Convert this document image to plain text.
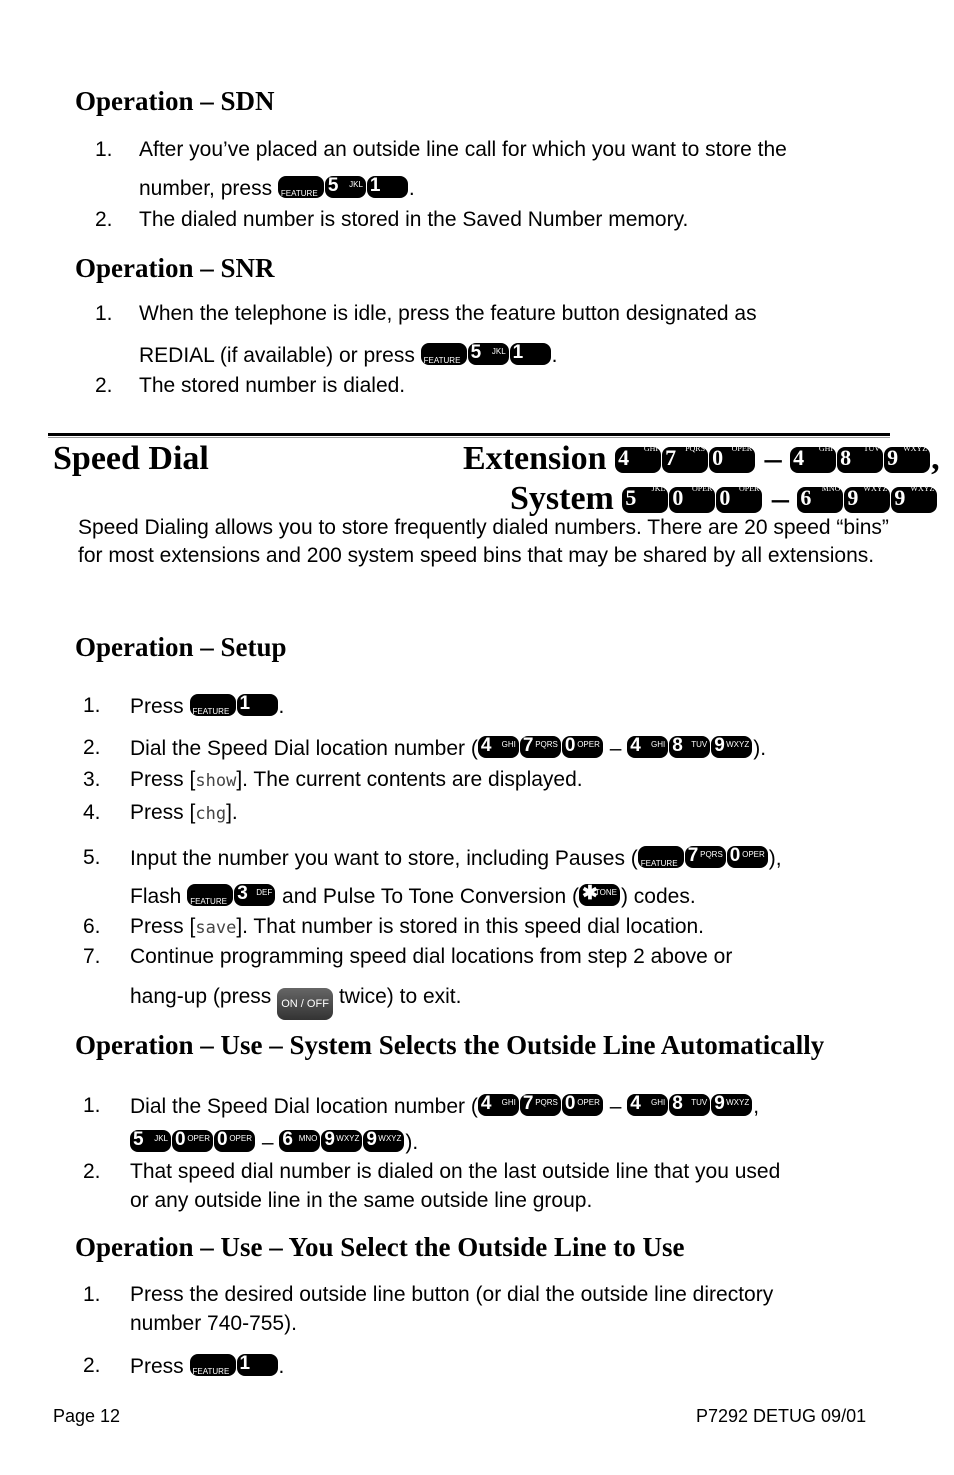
Operation – SDN
1. After you’ve placed an outside line call for which you want to store the
number, press FEATURE 5 JKL 1 .
2. The dialed number is stored in the Saved Number memory.
Operation – SNR
1. When the telephone is idle, press the feature button designated as
REDIAL (if available) or press FEATURE 5 JKL 1 .
2. The stored number is dialed.
Speed Dial	Extension 4 GHI 7 PQRS 0 OPER – 4 GHI 8 TUV 9 WXYZ ,
System 5 JKL 0 OPER 0 OPER – 6 MNO 9 WXYZ 9 WXYZ

Speed Dialing allows you to store frequently dialed numbers. There are 20 speed “bins” for most extensions and 200 system speed bins that may be shared by all extensions.

Operation – Setup
1. Press FEATURE 1 .
2. Dial the Speed Dial location number ( 4 GHI 7 PQRS 0 OPER – 4 GHI 8 TUV 9 WXYZ ).
3. Press [show]. The current contents are displayed.
4. Press [chg].
5. Input the number you want to store, including Pauses ( FEATURE 7 PQRS 0 OPER ),
Flash FEATURE 3 DEF and Pulse To Tone Conversion ( ✱
TONE ) codes.
6. Press [save]. That number is stored in this speed dial location.
7. Continue programming speed dial locations from step 2 above or
hang-up (press ON / OFF twice) to exit.
Operation – Use – System Selects the Outside Line Automatically
1. Dial the Speed Dial location number ( 4 GHI 7 PQRS 0 OPER – 4 GHI 8 TUV 9 WXYZ ,
5 JKL 0 OPER 0 OPER – 6 MNO 9 WXYZ 9 WXYZ ).
2. That speed dial number is dialed on the last outside line that you used
or any outside line in the same outside line group.
Operation – Use – You Select the Outside Line to Use
1. Press the desired outside line button (or dial the outside line directory
number 740-755).
2. Press FEATURE 1 .
Page 12	P7292 DETUG 09/01
